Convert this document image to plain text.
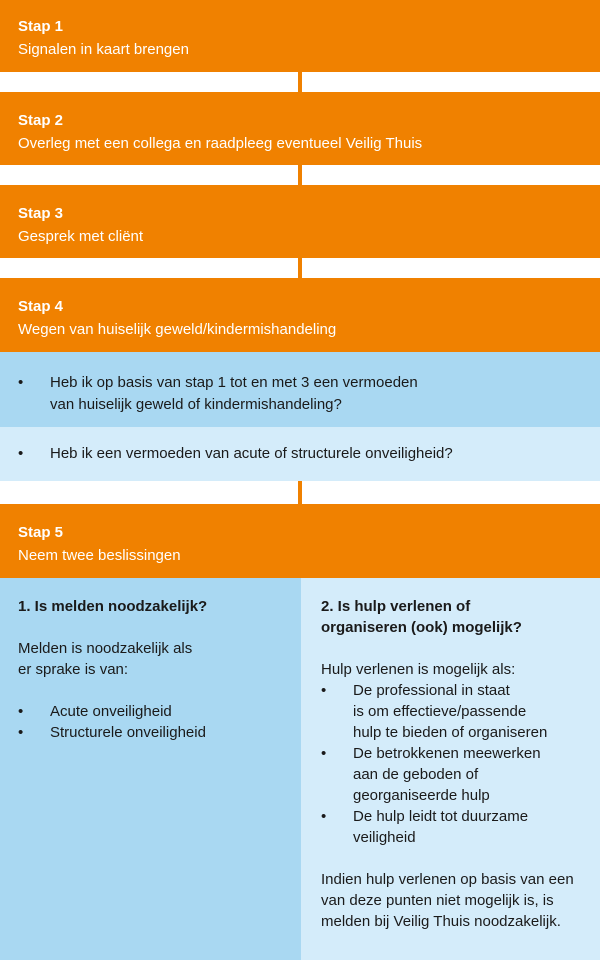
Stap 1
Signalen in kaart brengen
Stap 2
Overleg met een collega en raadpleeg eventueel Veilig Thuis
Stap 3
Gesprek met cliënt
Stap 4
Wegen van huiselijk geweld/kindermishandeling
• Heb ik op basis van stap 1 tot en met 3 een vermoeden
van huiselijk geweld of kindermishandeling?
• Heb ik een vermoeden van acute of structurele onveiligheid?
Stap 5
Neem twee beslissingen

1. Is melden noodzakelijk?

Melden is noodzakelijk als
er sprake is van:

• Acute onveiligheid
• Structurele onveiligheid

2. Is hulp verlenen of
organiseren (ook) mogelijk?

Hulp verlenen is mogelijk als:

• De professional in staat
is om effectieve/passende
hulp te bieden of organiseren
• De betrokkenen meewerken
aan de geboden of
georganiseerde hulp
• De hulp leidt tot duurzame
veiligheid

Indien hulp verlenen op basis van een
van deze punten niet mogelijk is, is
melden bij Veilig Thuis noodzakelijk.
